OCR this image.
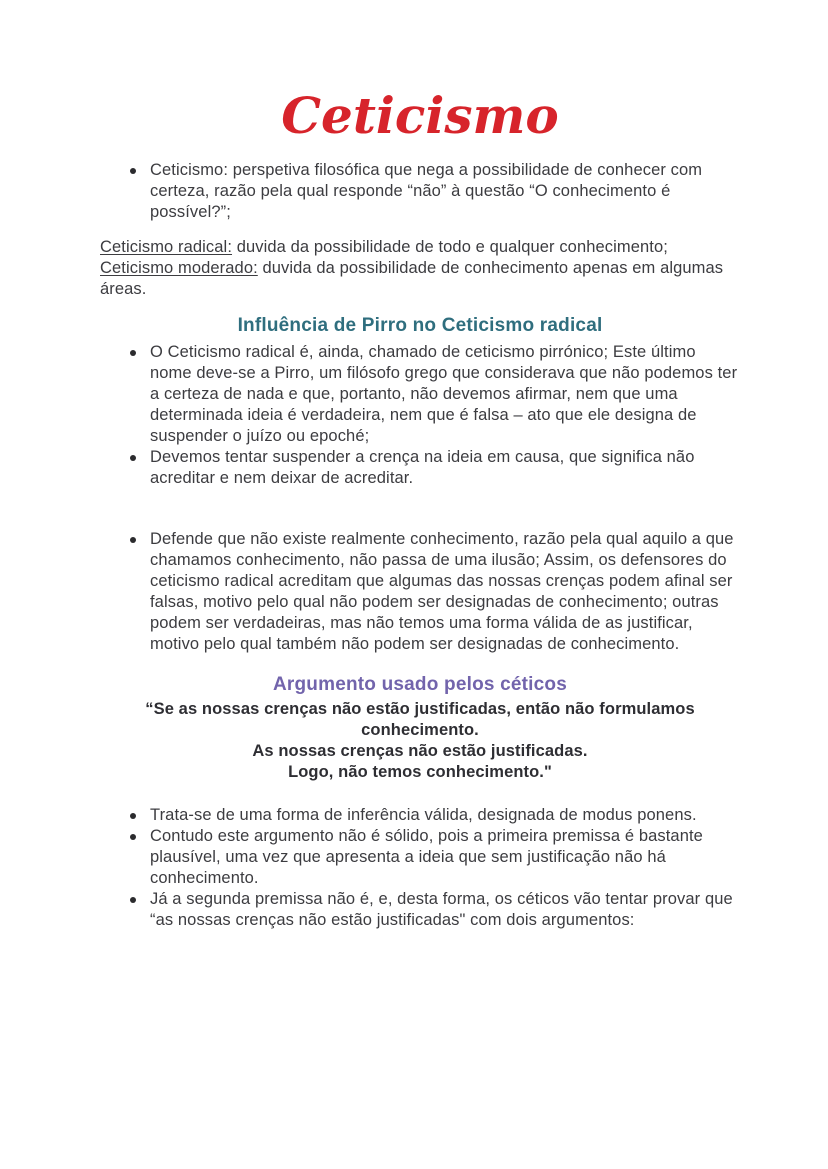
Ceticismo
Ceticismo: perspetiva filosófica que nega a possibilidade de conhecer com certeza, razão pela qual responde “não” à questão “O conhecimento é possível?”;

Ceticismo radical: duvida da possibilidade de todo e qualquer conhecimento;
Ceticismo moderado: duvida da possibilidade de conhecimento apenas em algumas áreas.

Influência de Pirro no Ceticismo radical
O Ceticismo radical é, ainda, chamado de ceticismo pirrónico; Este último nome deve-se a Pirro, um filósofo grego que considerava que não podemos ter a certeza de nada e que, portanto, não devemos afirmar, nem que uma determinada ideia é verdadeira, nem que é falsa – ato que ele designa de suspender o juízo ou epoché;
Devemos tentar suspender a crença na ideia em causa, que significa não acreditar e nem deixar de acreditar.
Defende que não existe realmente conhecimento, razão pela qual aquilo a que chamamos conhecimento, não passa de uma ilusão; Assim, os defensores do ceticismo radical acreditam que algumas das nossas crenças podem afinal ser falsas, motivo pelo qual não podem ser designadas de conhecimento; outras podem ser verdadeiras, mas não temos uma forma válida de as justificar, motivo pelo qual também não podem ser designadas de conhecimento.
Argumento usado pelos céticos
“Se as nossas crenças não estão justificadas, então não formulamos
conhecimento.
As nossas crenças não estão justificadas.
Logo, não temos conhecimento."
Trata-se de uma forma de inferência válida, designada de modus ponens.
Contudo este argumento não é sólido, pois a primeira premissa é bastante plausível, uma vez que apresenta a ideia que sem justificação não há conhecimento.
Já a segunda premissa não é, e, desta forma, os céticos vão tentar provar que “as nossas crenças não estão justificadas" com dois argumentos:
